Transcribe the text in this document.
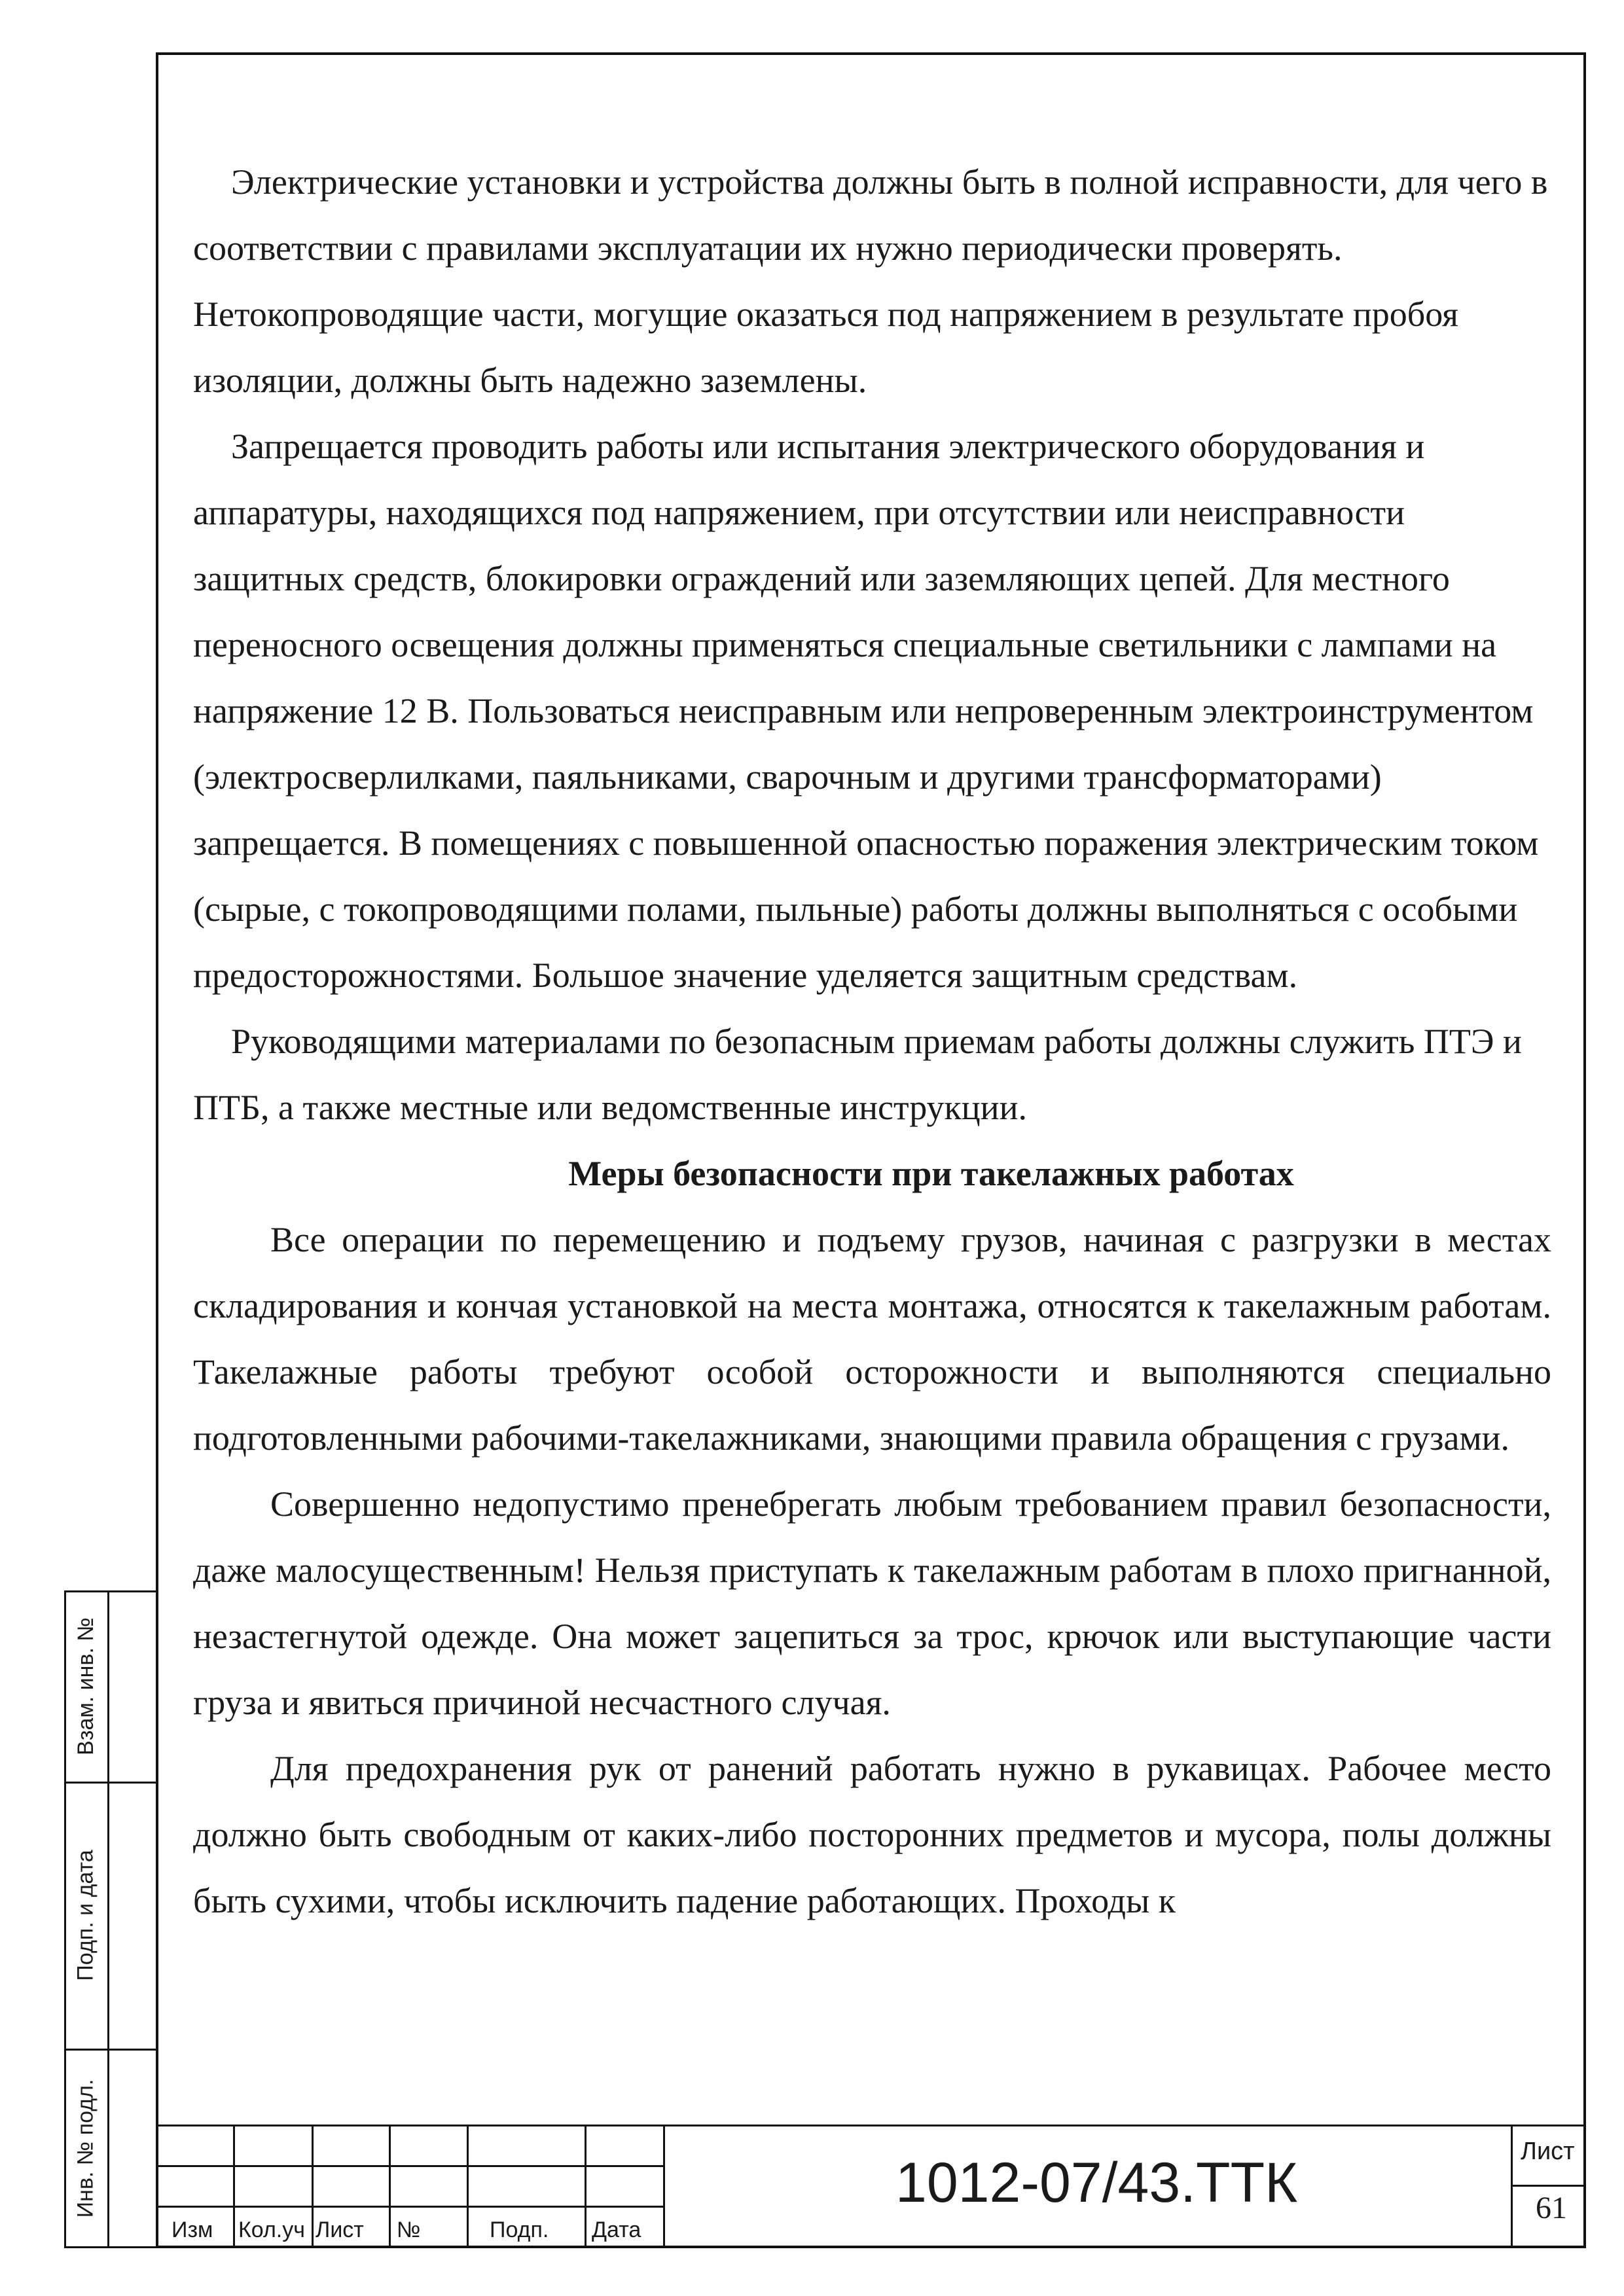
Электрические установки и устройства должны быть в полной исправности, для чего в соответствии с правилами эксплуатации их нужно периодически проверять. Нетокопроводящие части, могущие оказаться под напряжением в результате пробоя изоляции, должны быть надежно заземлены.

Запрещается проводить работы или испытания электрического оборудования и аппаратуры, находящихся под напряжением, при отсутствии или неисправности защитных средств, блокировки ограждений или заземляющих цепей. Для местного переносного освещения должны применяться специальные светильники с лампами на напряжение 12 В. Пользоваться неисправным или непроверенным электроинструментом (электросверлилками, паяльниками, сварочным и другими трансформаторами) запрещается. В помещениях с повышенной опасностью поражения электрическим током (сырые, с токопроводящими полами, пыльные) работы должны выполняться с особыми предосторожностями. Большое значение уделяется защитным средствам.

Руководящими материалами по безопасным приемам работы должны служить ПТЭ и ПТБ, а также местные или ведомственные инструкции.

Меры безопасности при такелажных работах

Все операции по перемещению и подъему грузов, начиная с разгрузки в местах складирования и кончая установкой на места монтажа, относятся к такелажным работам. Такелажные работы требуют особой осторожности и выполняются специально подготовленными рабочими-такелажниками, знающими правила обращения с грузами.

Совершенно недопустимо пренебрегать любым требованием правил безопасности, даже малосущественным! Нельзя приступать к такелажным работам в плохо пригнанной, незастегнутой одежде. Она может зацепиться за трос, крючок или выступающие части груза и явиться причиной несчастного случая.

Для предохранения рук от ранений работать нужно в рукавицах. Рабочее место должно быть свободным от каких-либо посторонних предметов и мусора, полы должны быть сухими, чтобы исключить падение работающих. Проходы к

Взам. инв. №
Подп. и дата
Инв. № подл.
Изм Кол.уч Лист №	Подп. Дата
1012-07/43.ТТК	Лист
61
